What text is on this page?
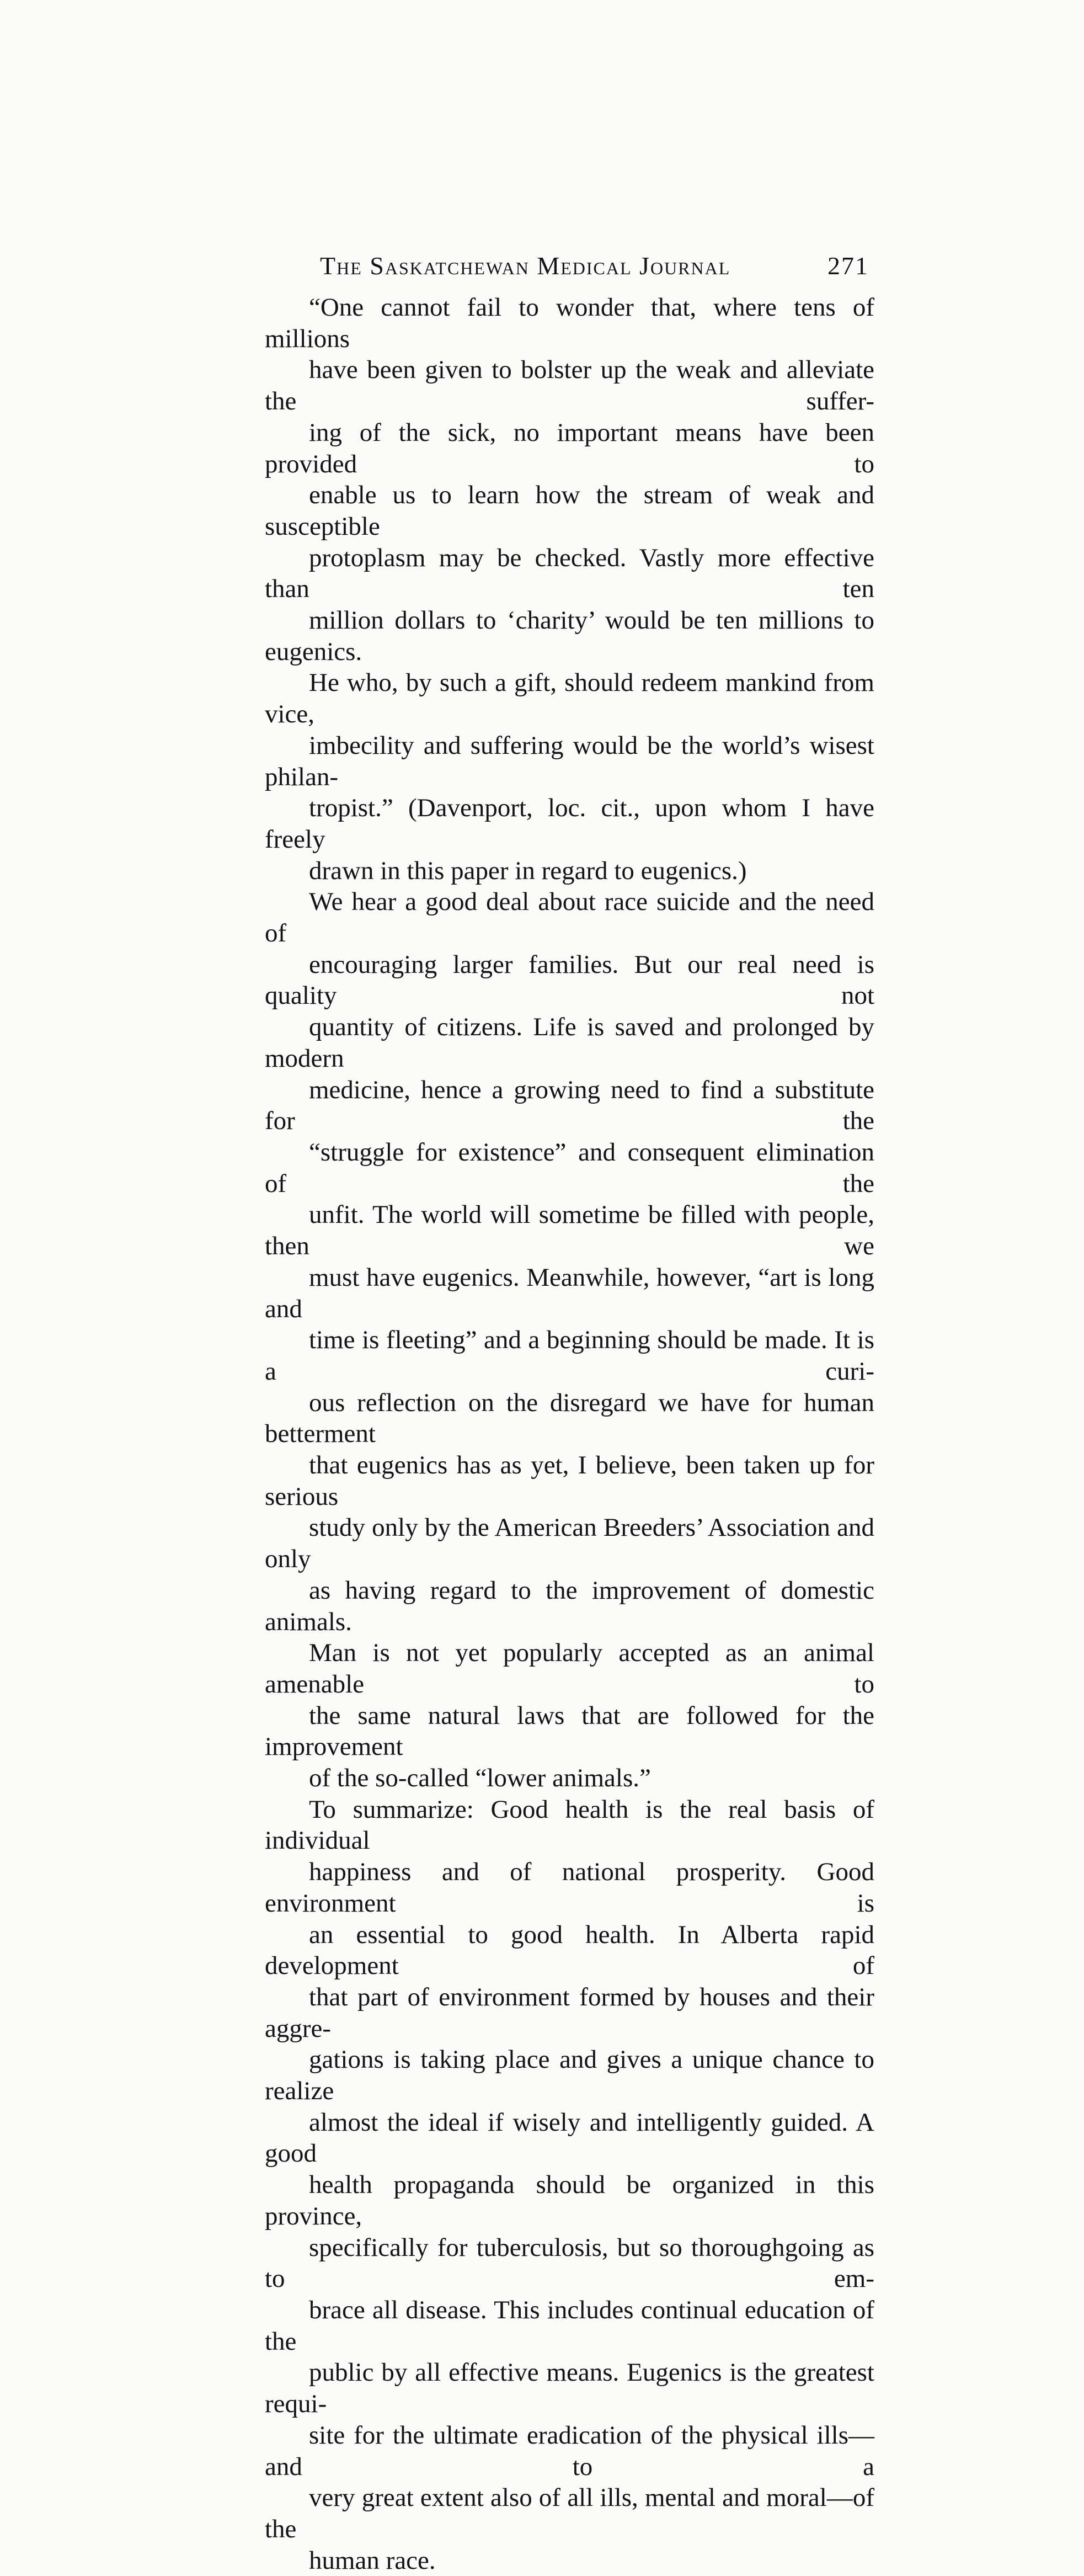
The Saskatchewan Medical Journal	271

“One cannot fail to wonder that, where tens of millions
have been given to bolster up the weak and alleviate the suffer-
ing of the sick, no important means have been provided to
enable us to learn how the stream of weak and susceptible
protoplasm may be checked. Vastly more effective than ten
million dollars to ‘charity’ would be ten millions to eugenics.
He who, by such a gift, should redeem mankind from vice,
imbecility and suffering would be the world’s wisest philan-
tropist.” (Davenport, loc. cit., upon whom I have freely
drawn in this paper in regard to eugenics.)

We hear a good deal about race suicide and the need of
encouraging larger families. But our real need is quality not
quantity of citizens. Life is saved and prolonged by modern
medicine, hence a growing need to find a substitute for the
“struggle for existence” and consequent elimination of the
unfit. The world will sometime be filled with people, then we
must have eugenics. Meanwhile, however, “art is long and
time is fleeting” and a beginning should be made. It is a curi-
ous reflection on the disregard we have for human betterment
that eugenics has as yet, I believe, been taken up for serious
study only by the American Breeders’ Association and only
as having regard to the improvement of domestic animals.
Man is not yet popularly accepted as an animal amenable to
the same natural laws that are followed for the improvement
of the so-called “lower animals.”

To summarize: Good health is the real basis of individual
happiness and of national prosperity. Good environment is
an essential to good health. In Alberta rapid development of
that part of environment formed by houses and their aggre-
gations is taking place and gives a unique chance to realize
almost the ideal if wisely and intelligently guided. A good
health propaganda should be organized in this province,
specifically for tuberculosis, but so thoroughgoing as to em-
brace all disease. This includes continual education of the
public by all effective means. Eugenics is the greatest requi-
site for the ultimate eradication of the physical ills—and to a
very great extent also of all ills, mental and moral—of the
human race.
